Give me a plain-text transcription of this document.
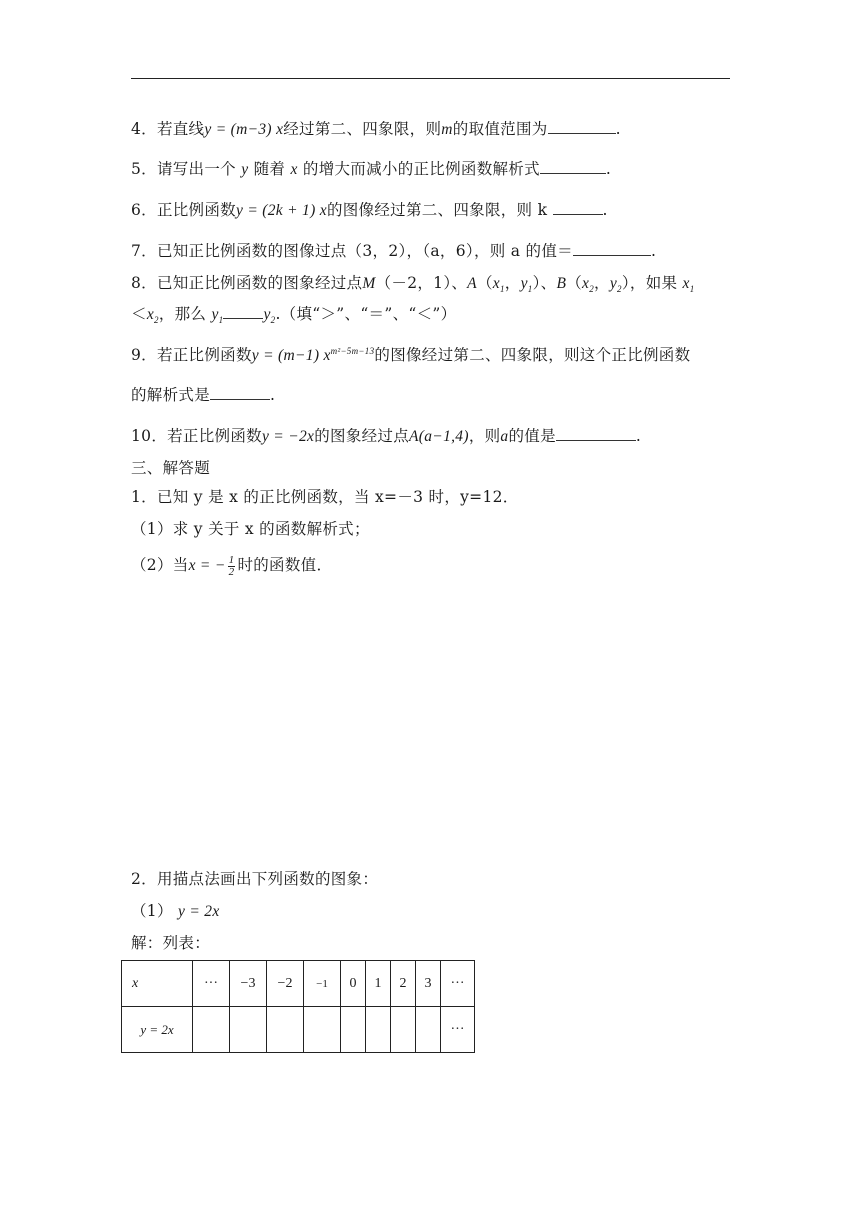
4．若直线y = (m−3) x经过第二、四象限，则m的取值范围为	.
5．请写出一个 y 随着 x 的增大而减小的正比例函数解析式	.
6．正比例函数y = (2k + 1) x的图像经过第二、四象限，则 k	.
7．已知正比例函数的图像过点（3，2），（a，6），则 a 的值＝	.
8．已知正比例函数的图象经过点M（－2，1）、$A(x_1$，$y_1$）、$B(x_2$，$y_2$），如果 $x_1$
$<x_2$，那么 $y_1$	$y_2$.（填“＞”、“＝”、“＜”）
9．若正比例函数y = (m−1) $x^{m^2-5m-13}$的图像经过第二、四象限，则这个正比例函数
的解析式是	.
10．若正比例函数y = −2x的图象经过点A(a−1,4)，则a的值是	.
三、解答题
1．已知 y 是 x 的正比例函数，当 x=－3 时，y=12．
（1）求 y 关于 x 的函数解析式；
（2）当x = − $\frac{1}{2}$ 时的函数值．
2．用描点法画出下列函数的图象：
（1） y = 2x
解：列表：
x	···	−3	−2	−1	0	1	2	3	···
y = 2x									···
